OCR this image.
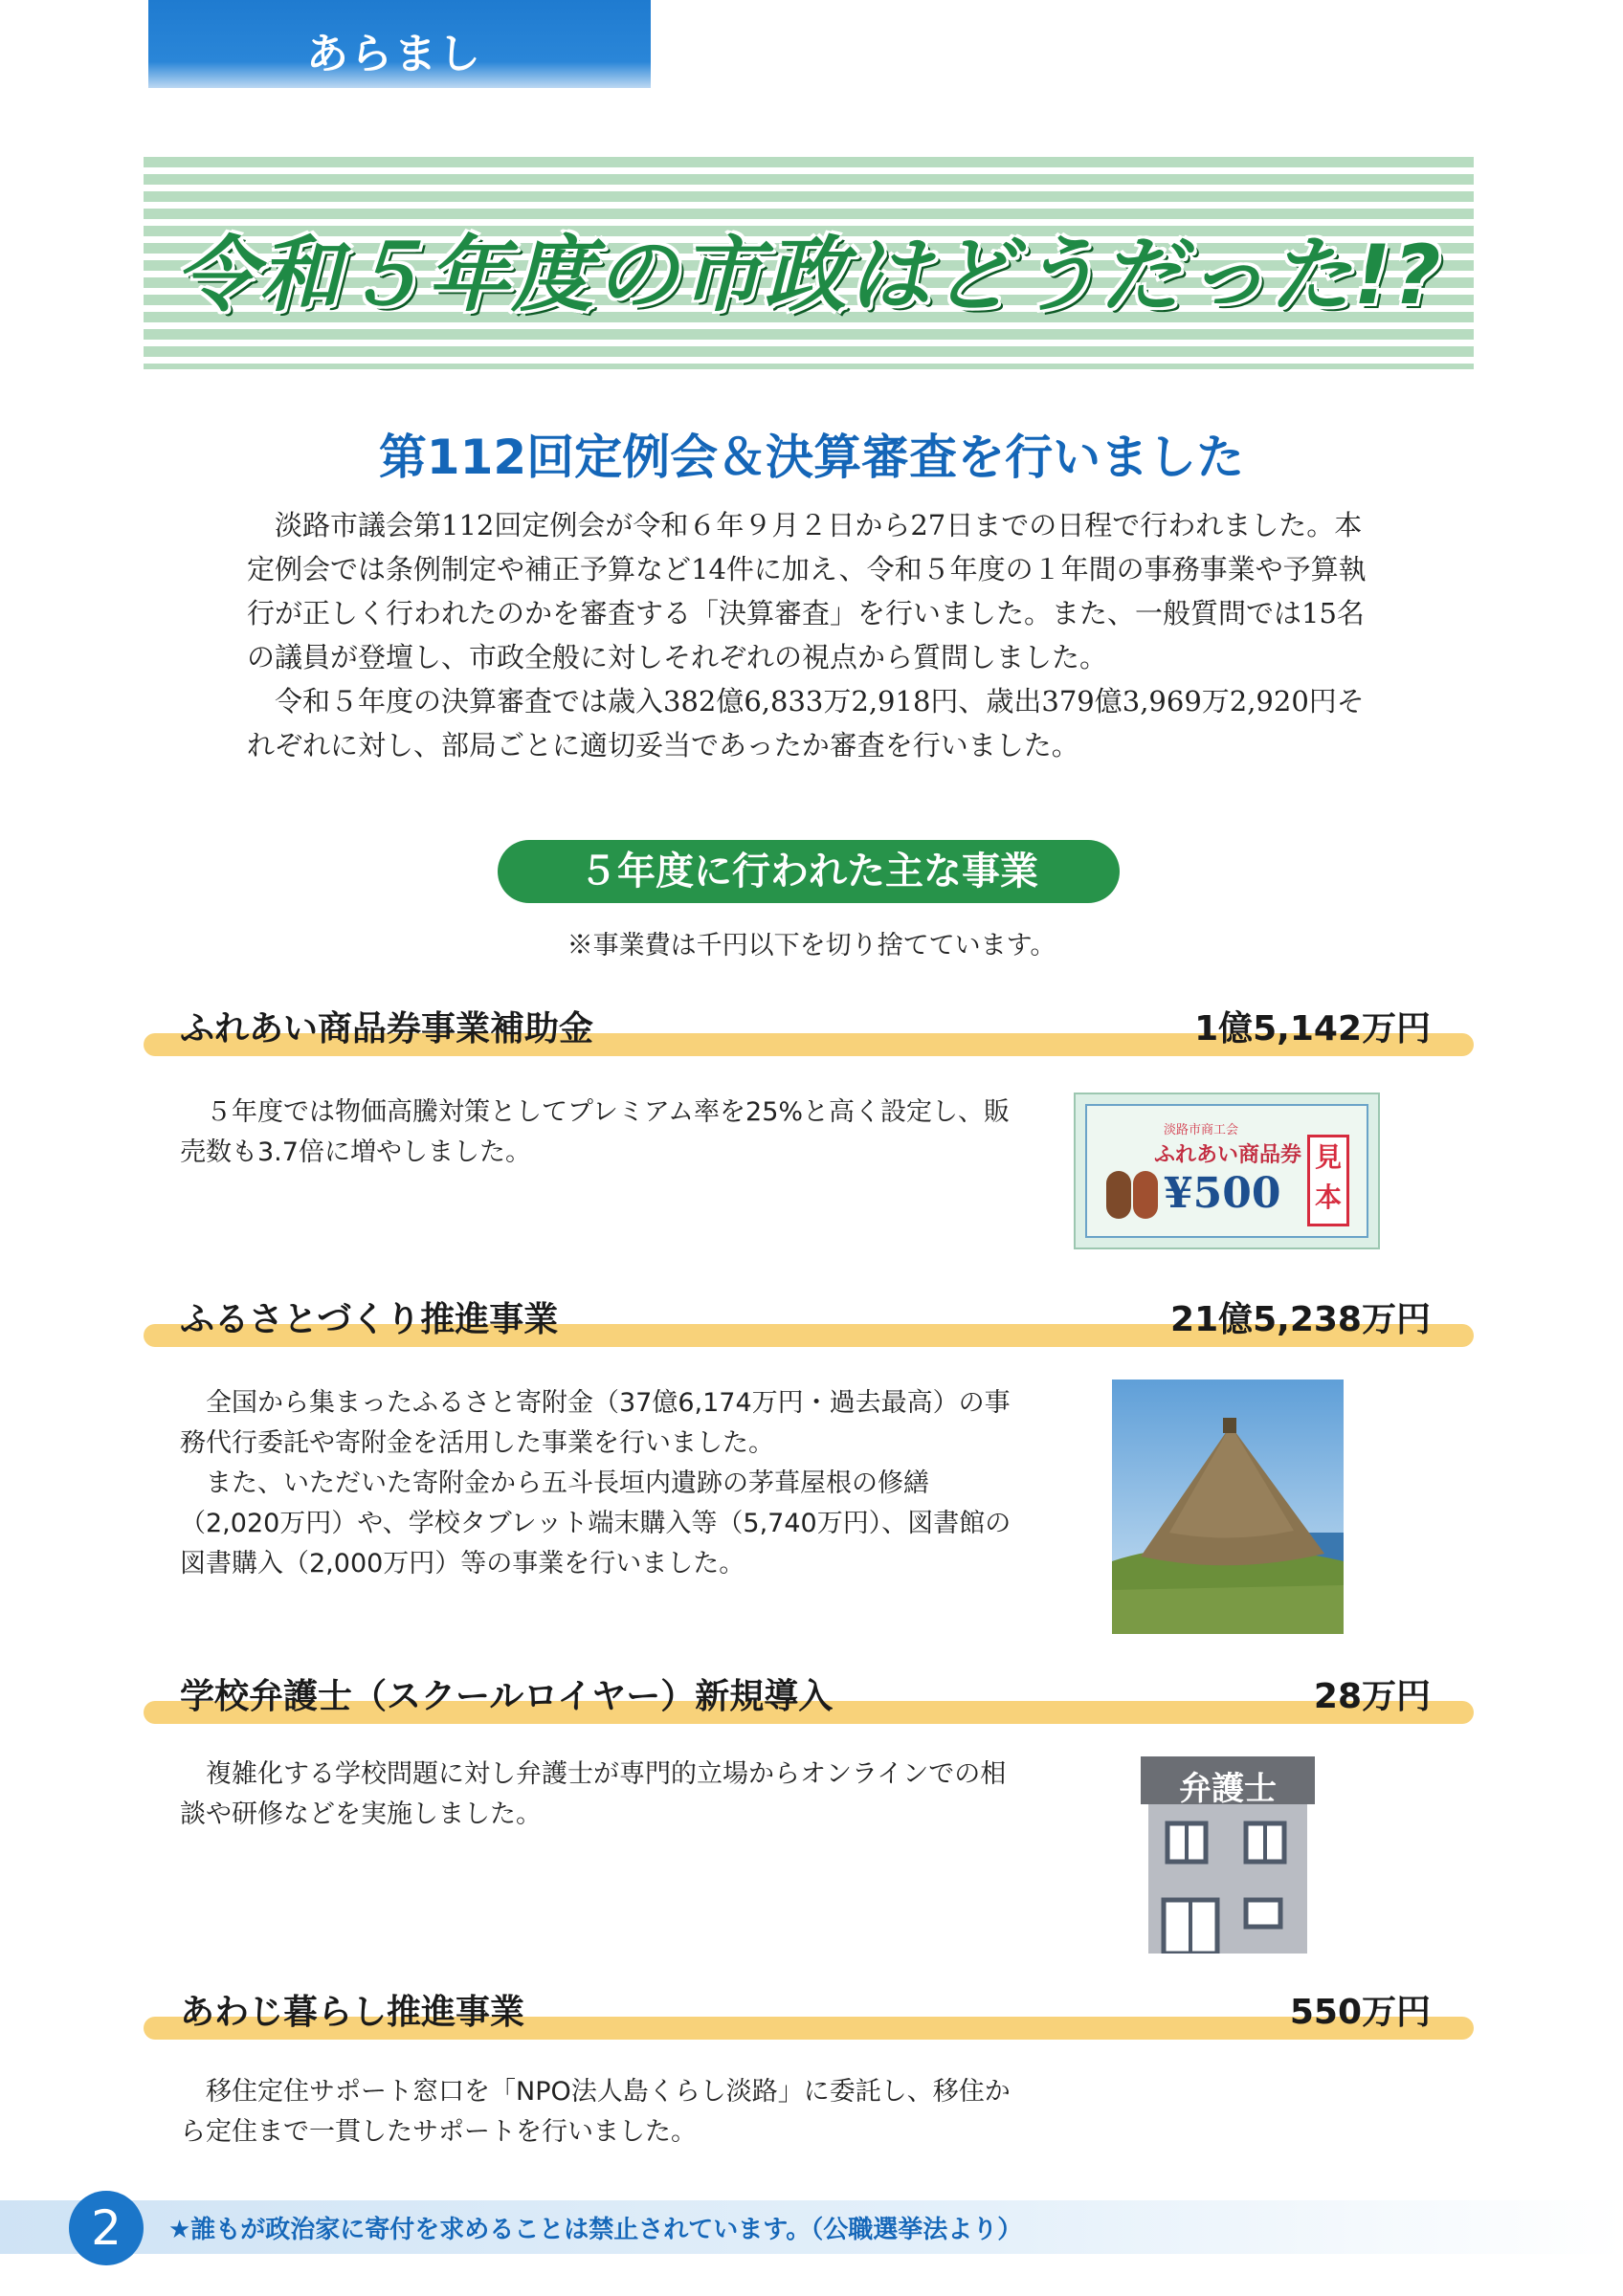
あらまし
令和５年度の市政はどうだった!?
第112回定例会＆決算審査を行いました

淡路市議会第112回定例会が令和６年９月２日から27日までの日程で行われました。本定例会では条例制定や補正予算など14件に加え、令和５年度の１年間の事務事業や予算執行が正しく行われたのかを審査する「決算審査」を行いました。また、一般質問では15名の議員が登壇し、市政全般に対しそれぞれの視点から質問しました。

令和５年度の決算審査では歳入382億6,833万2,918円、歳出379億3,969万2,920円それぞれに対し、部局ごとに適切妥当であったか審査を行いました。

５年度に行われた主な事業
※事業費は千円以下を切り捨てています。
ふれあい商品券事業補助金	1億5,142万円

５年度では物価高騰対策としてプレミアム率を25%と高く設定し、販売数も3.7倍に増やしました。

淡路市商工会
ふれあい商品券
¥500
見本
ふるさとづくり推進事業	21億5,238万円

全国から集まったふるさと寄附金（37億6,174万円・過去最高）の事務代行委託や寄附金を活用した事業を行いました。

また、いただいた寄附金から五斗長垣内遺跡の茅葺屋根の修繕（2,020万円）や、学校タブレット端末購入等（5,740万円）、図書館の図書購入（2,000万円）等の事業を行いました。

学校弁護士（スクールロイヤー）新規導入	28万円

複雑化する学校問題に対し弁護士が専門的立場からオンラインでの相談や研修などを実施しました。

弁護士
あわじ暮らし推進事業	550万円

移住定住サポート窓口を「NPO法人島くらし淡路」に委託し、移住から定住まで一貫したサポートを行いました。

2	★誰もが政治家に寄付を求めることは禁止されています。（公職選挙法より）
